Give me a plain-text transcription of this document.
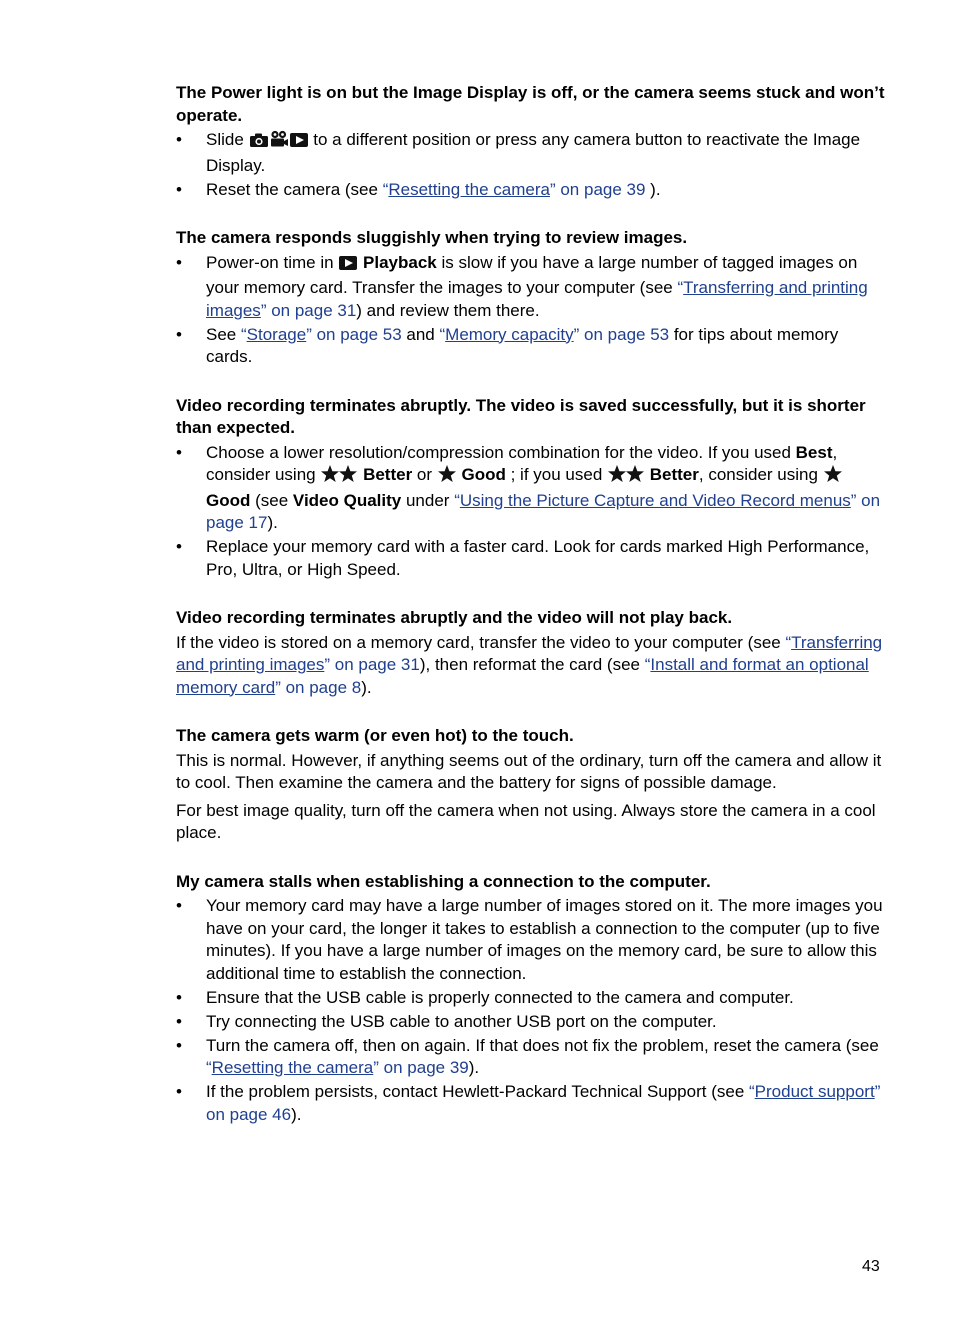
The Power light is on but the Image Display is off, or the camera seems stuck and won’t operate.
• Slide	to a different position or press any camera button to reactivate the Image Display.
• Reset the camera (see “Resetting the camera” on page 39 ).
The camera responds sluggishly when trying to review images.
• Power-on time in  Playback is slow if you have a large number of tagged images on your memory card. Transfer the images to your computer (see “Transferring and printing images” on page 31) and review them there.
• See “Storage” on page 53 and “Memory capacity” on page 53 for tips about memory cards.
Video recording terminates abruptly. The video is saved successfully, but it is shorter than expected.
• Choose a lower resolution/compression combination for the video. If you used Best, consider using	Better or  Good ; if you used	Better, consider using  Good (see Video Quality under “Using the Picture Capture and Video Record menus” on page 17).
• Replace your memory card with a faster card. Look for cards marked High Performance, Pro, Ultra, or High Speed.
Video recording terminates abruptly and the video will not play back.
If the video is stored on a memory card, transfer the video to your computer (see “Transferring and printing images” on page 31), then reformat the card (see “Install and format an optional memory card” on page 8).
The camera gets warm (or even hot) to the touch.
This is normal. However, if anything seems out of the ordinary, turn off the camera and allow it to cool. Then examine the camera and the battery for signs of possible damage.
For best image quality, turn off the camera when not using. Always store the camera in a cool place.
My camera stalls when establishing a connection to the computer.
• Your memory card may have a large number of images stored on it. The more images you have on your card, the longer it takes to establish a connection to the computer (up to five minutes). If you have a large number of images on the memory card, be sure to allow this additional time to establish the connection.
• Ensure that the USB cable is properly connected to the camera and computer.
• Try connecting the USB cable to another USB port on the computer.
• Turn the camera off, then on again. If that does not fix the problem, reset the camera (see “Resetting the camera” on page 39).
• If the problem persists, contact Hewlett-Packard Technical Support (see “Product support” on page 46).
43
